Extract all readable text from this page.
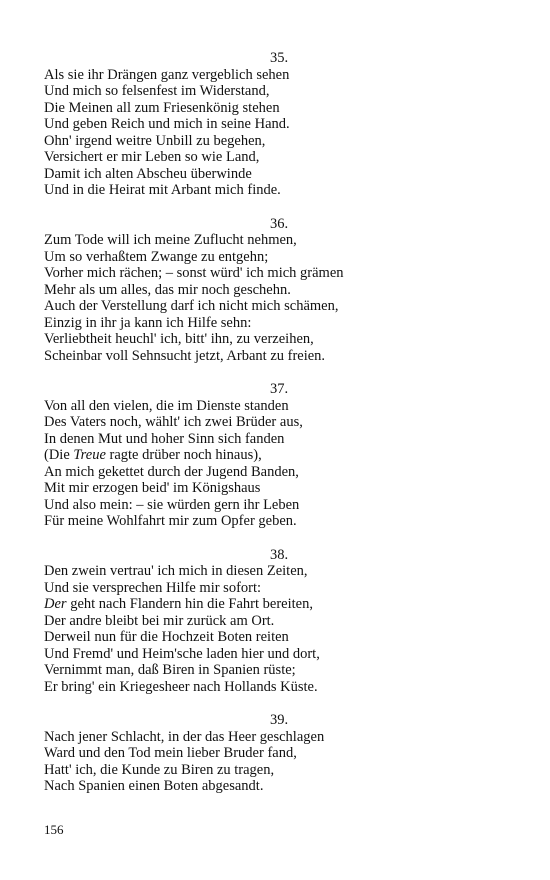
35.
Als sie ihr Drängen ganz vergeblich sehen
Und mich so felsenfest im Widerstand,
Die Meinen all zum Friesenkönig stehen
Und geben Reich und mich in seine Hand.
Ohn' irgend weitre Unbill zu begehen,
Versichert er mir Leben so wie Land,
Damit ich alten Abscheu überwinde
Und in die Heirat mit Arbant mich finde.
36.
Zum Tode will ich meine Zuflucht nehmen,
Um so verhaßtem Zwange zu entgehn;
Vorher mich rächen; – sonst würd' ich mich grämen
Mehr als um alles, das mir noch geschehn.
Auch der Verstellung darf ich nicht mich schämen,
Einzig in ihr ja kann ich Hilfe sehn:
Verliebtheit heuchl' ich, bitt' ihn, zu verzeihen,
Scheinbar voll Sehnsucht jetzt, Arbant zu freien.
37.
Von all den vielen, die im Dienste standen
Des Vaters noch, wählt' ich zwei Brüder aus,
In denen Mut und hoher Sinn sich fanden
(Die Treue ragte drüber noch hinaus),
An mich gekettet durch der Jugend Banden,
Mit mir erzogen beid' im Königshaus
Und also mein: – sie würden gern ihr Leben
Für meine Wohlfahrt mir zum Opfer geben.
38.
Den zwein vertrau' ich mich in diesen Zeiten,
Und sie versprechen Hilfe mir sofort:
Der geht nach Flandern hin die Fahrt bereiten,
Der andre bleibt bei mir zurück am Ort.
Derweil nun für die Hochzeit Boten reiten
Und Fremd' und Heim'sche laden hier und dort,
Vernimmt man, daß Biren in Spanien rüste;
Er bring' ein Kriegesheer nach Hollands Küste.
39.
Nach jener Schlacht, in der das Heer geschlagen
Ward und den Tod mein lieber Bruder fand,
Hatt' ich, die Kunde zu Biren zu tragen,
Nach Spanien einen Boten abgesandt.
156
